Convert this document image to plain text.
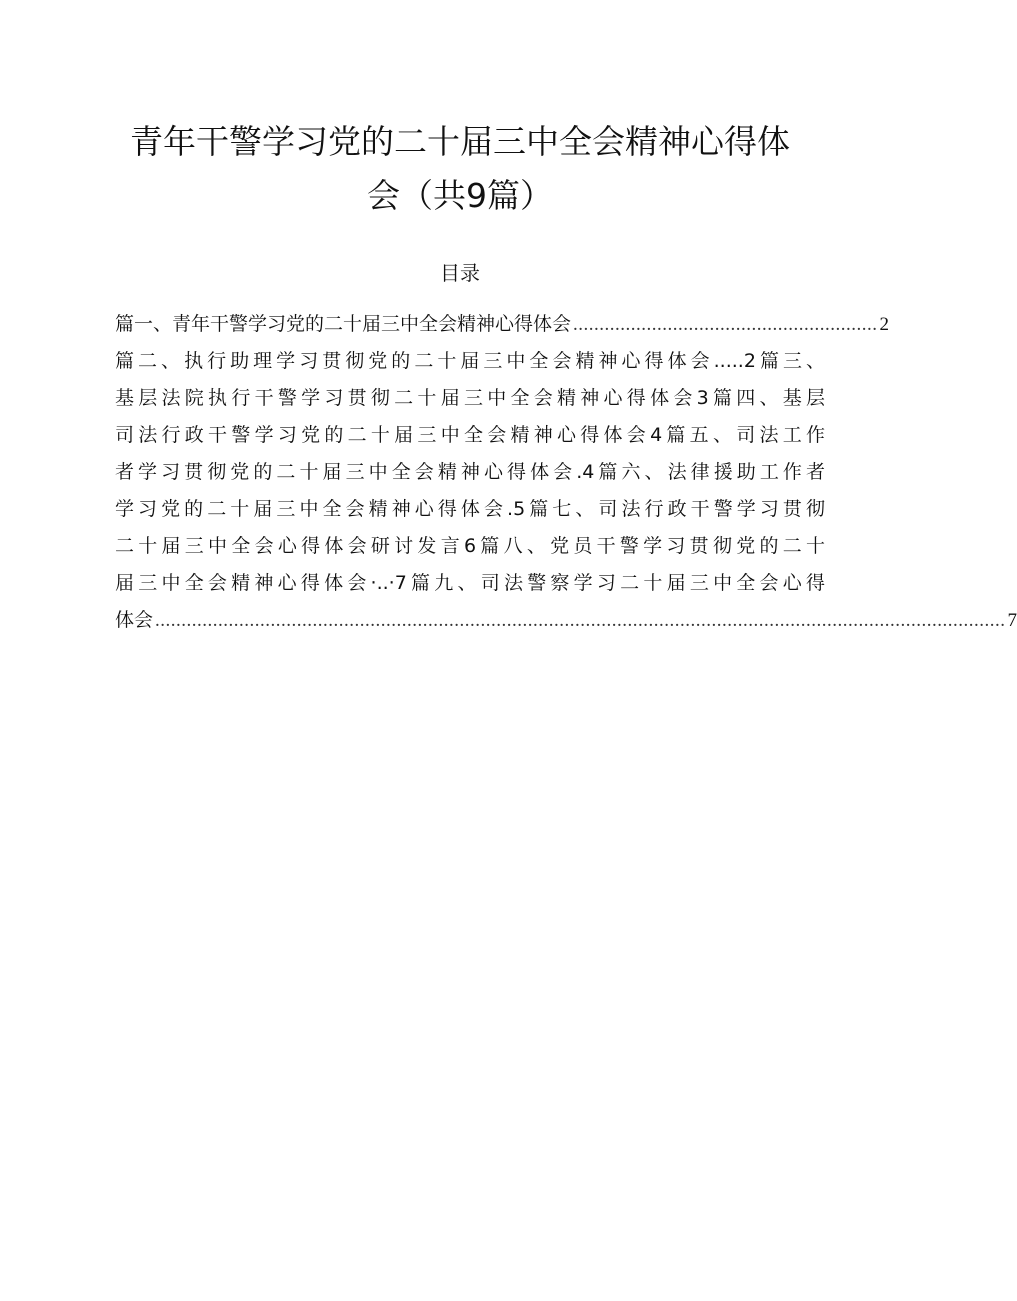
青年干警学习党的二十届三中全会精神心得体
会（共9篇）
目录
篇一、青年干警学习党的二十届三中全会精神心得体会 .......................................................... 2
篇二、执行助理学习贯彻党的二十届三中全会精神心得体会.....2篇三、
基层法院执行干警学习贯彻二十届三中全会精神心得体会3篇四、基层
司法行政干警学习党的二十届三中全会精神心得体会4篇五、司法工作
者学习贯彻党的二十届三中全会精神心得体会.4篇六、法律援助工作者
学习党的二十届三中全会精神心得体会.5篇七、司法行政干警学习贯彻
二十届三中全会心得体会研讨发言6篇八、党员干警学习贯彻党的二十
届三中全会精神心得体会·..·7篇九、司法警察学习二十届三中全会心得
体会 .................................................................................................................................................................. 7
